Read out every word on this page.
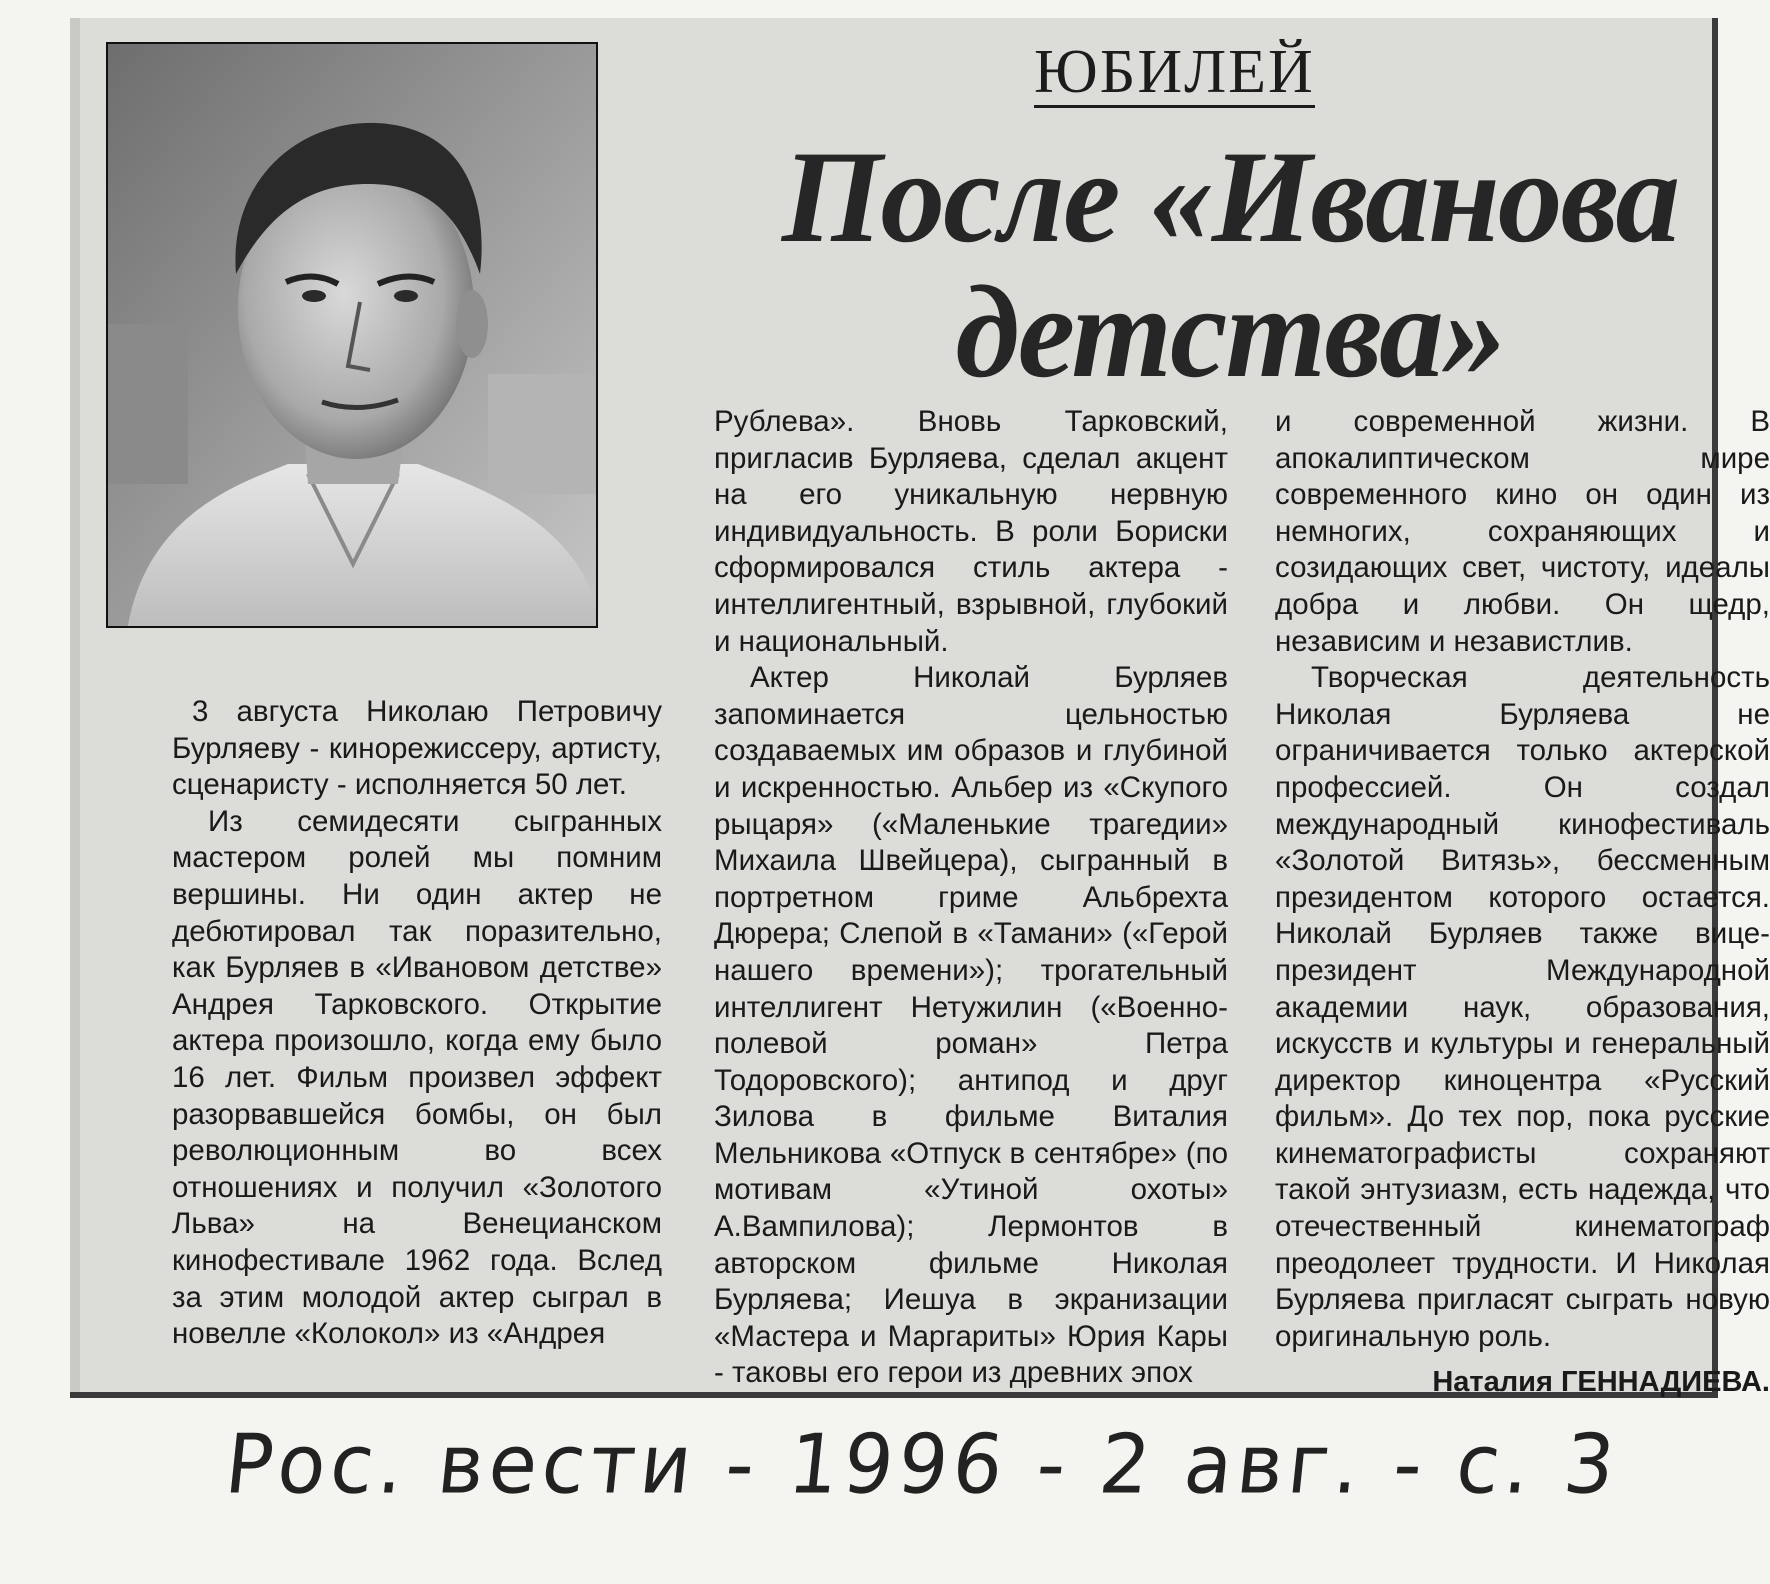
ЮБИЛЕЙ
После «Иванова детства»

3 августа Николаю Петровичу Бурляеву - кинорежиссеру, артисту, сценаристу - исполняется 50 лет.

Из семидесяти сыгранных мастером ролей мы помним вершины. Ни один актер не дебютировал так поразительно, как Бурляев в «Ивановом детстве» Андрея Тарковского. Открытие актера произошло, когда ему было 16 лет. Фильм произвел эффект разорвавшейся бомбы, он был революционным во всех отношениях и получил «Золотого Льва» на Венецианском кинофестивале 1962 года. Вслед за этим молодой актер сыграл в новелле «Колокол» из «Андрея

Рублева». Вновь Тарковский, пригласив Бурляева, сделал акцент на его уникальную нервную индивидуальность. В роли Бориски сформировался стиль актера - интеллигентный, взрывной, глубокий и национальный.

Актер Николай Бурляев запоминается цельностью создаваемых им образов и глубиной и искренностью. Альбер из «Скупого рыцаря» («Маленькие трагедии» Михаила Швейцера), сыгранный в портретном гриме Альбрехта Дюрера; Слепой в «Тамани» («Герой нашего времени»); трогательный интеллигент Нетужилин («Военно-полевой роман» Петра Тодоровского); антипод и друг Зилова в фильме Виталия Мельникова «Отпуск в сентябре» (по мотивам «Утиной охоты» А.Вампилова); Лермонтов в авторском фильме Николая Бурляева; Иешуа в экранизации «Мастера и Маргариты» Юрия Кары - таковы его герои из древних эпох

и современной жизни. В апокалиптическом мире современного кино он один из немногих, сохраняющих и созидающих свет, чистоту, идеалы добра и любви. Он щедр, независим и независтлив.

Творческая деятельность Николая Бурляева не ограничивается только актерской профессией. Он создал международный кинофестиваль «Золотой Витязь», бессменным президентом которого остается. Николай Бурляев также вице-президент Международной академии наук, образования, искусств и культуры и генеральный директор киноцентра «Русский фильм». До тех пор, пока русские кинематографисты сохраняют такой энтузиазм, есть надежда, что отечественный кинематограф преодолеет трудности. И Николая Бурляева пригласят сыграть новую оригинальную роль.

Наталия ГЕННАДИЕВА.
Рос. вести - 1996 - 2 авг. - с. 3
